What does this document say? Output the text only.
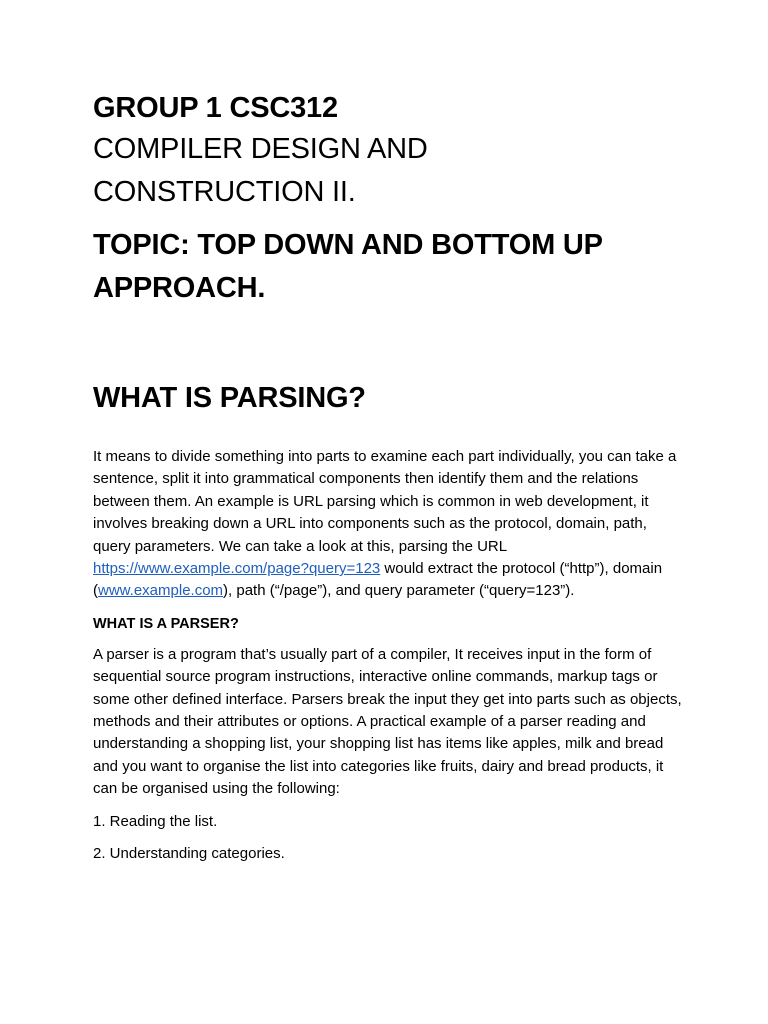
GROUP 1 CSC312
COMPILER DESIGN AND
CONSTRUCTION II.
TOPIC: TOP DOWN AND BOTTOM UP
APPROACH.
WHAT IS PARSING?

It means to divide something into parts to examine each part individually, you can take a sentence, split it into grammatical components then identify them and the relations between them. An example is URL parsing which is common in web development, it involves breaking down a URL into components such as the protocol, domain, path, query parameters. We can take a look at this, parsing the URL https://www.example.com/page?query=123 would extract the protocol (“http”), domain (www.example.com), path (“/page”), and query parameter (“query=123”).

WHAT IS A PARSER?

A parser is a program that’s usually part of a compiler, It receives input in the form of sequential source program instructions, interactive online commands, markup tags or some other defined interface. Parsers break the input they get into parts such as objects, methods and their attributes or options. A practical example of a parser reading and understanding a shopping list, your shopping list has items like apples, milk and bread and you want to organise the list into categories like fruits, dairy and bread products, it can be organised using the following:

1. Reading the list.
2. Understanding categories.
